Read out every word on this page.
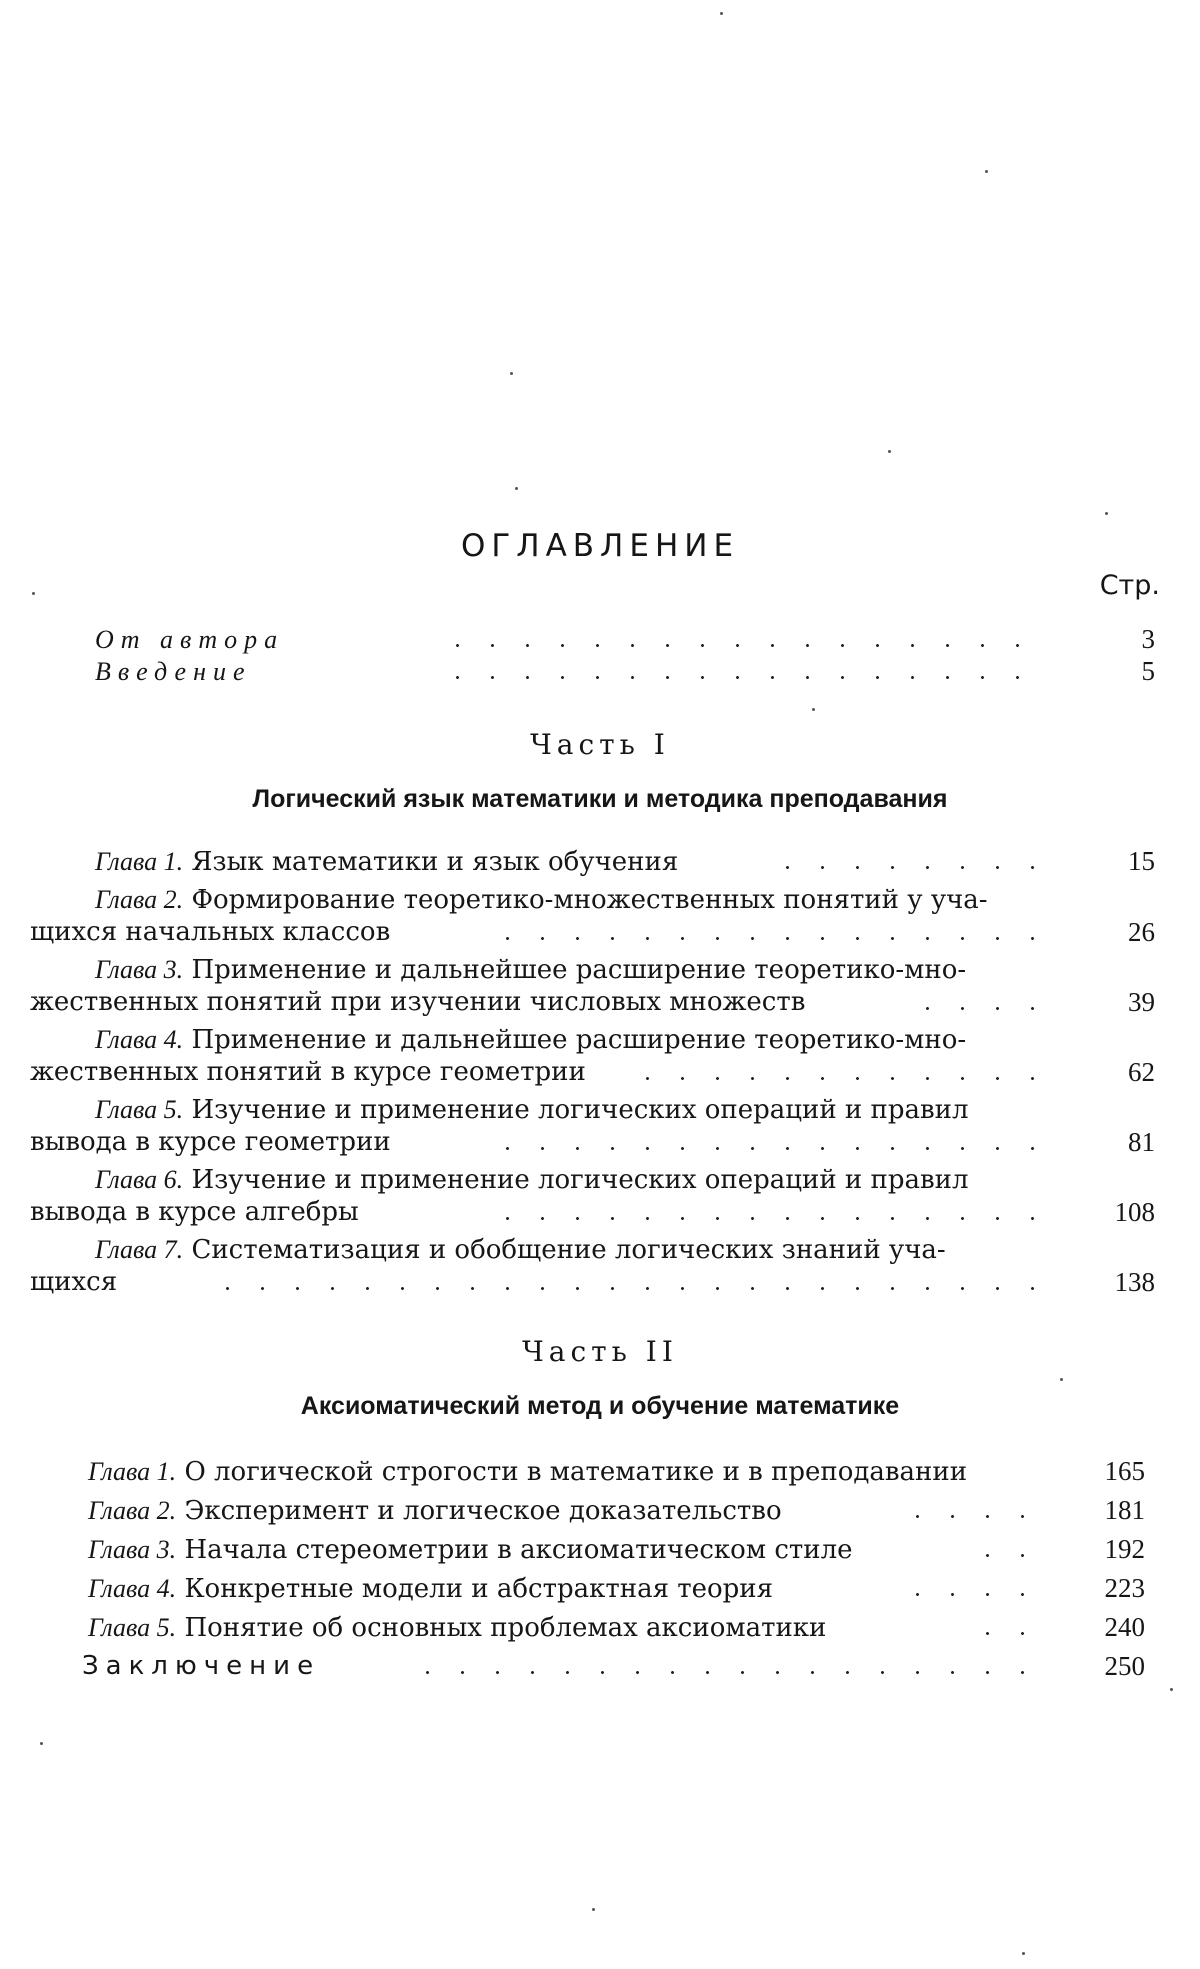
ОГЛАВЛЕНИЕ
Стр.
От автора	3
Введение	5
Часть I
Логический язык математики и методика преподавания
Глава 1. Язык математики и язык обучения	15
Глава 2. Формирование теоретико-множественных понятий у уча-
щихся начальных классов	26
Глава 3. Применение и дальнейшее расширение теоретико-мно-
жественных понятий при изучении числовых множеств	39
Глава 4. Применение и дальнейшее расширение теоретико-мно-
жественных понятий в курсе геометрии	62
Глава 5. Изучение и применение логических операций и правил
вывода в курсе геометрии	81
Глава 6. Изучение и применение логических операций и правил
вывода в курсе алгебры	108
Глава 7. Систематизация и обобщение логических знаний уча-
щихся	138
Часть II
Аксиоматический метод и обучение математике
Глава 1. О логической строгости в математике и в преподавании	165
Глава 2. Эксперимент и логическое доказательство	181
Глава 3. Начала стереометрии в аксиоматическом стиле	192
Глава 4. Конкретные модели и абстрактная теория	223
Глава 5. Понятие об основных проблемах аксиоматики	240
Заключение	250
